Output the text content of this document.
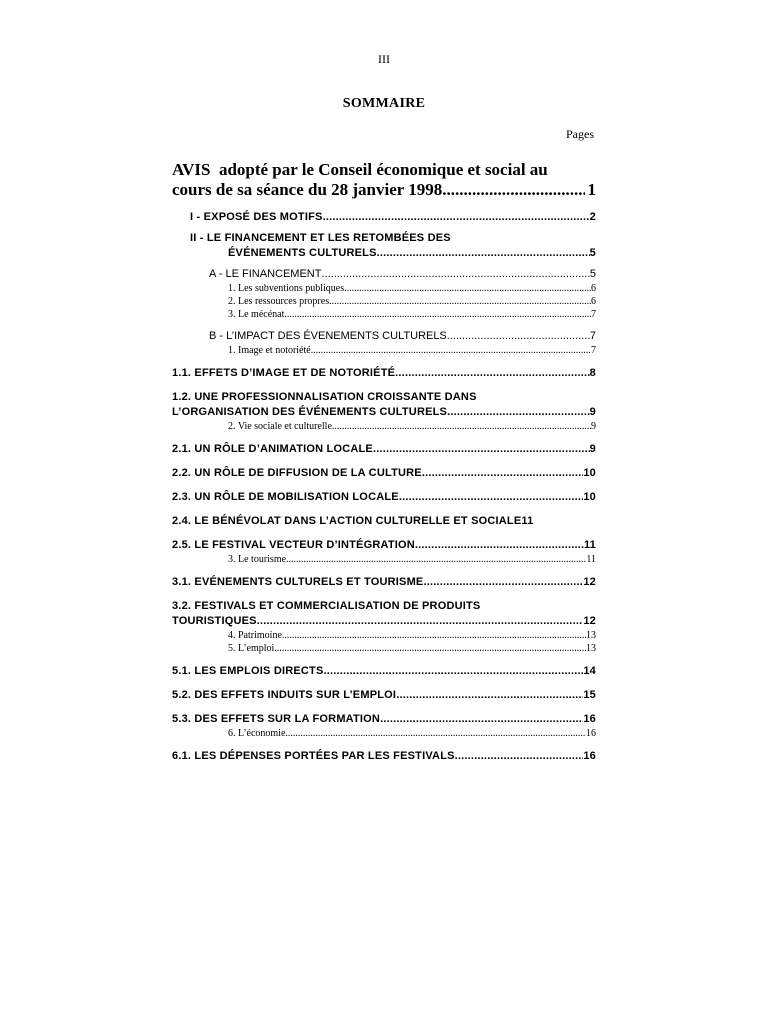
III
SOMMAIRE
Pages
AVIS adopté par le Conseil économique et social au
cours de sa séance du 28 janvier 1998 .....	1
I - EXPOSÉ DES MOTIFS .....	2
II - LE FINANCEMENT ET LES RETOMBÉES DES
ÉVÉNEMENTS CULTURELS .....	5
A - LE FINANCEMENT .....	5
1. Les subventions publiques .....	6
2. Les ressources propres .....	6
3. Le mécénat .....	7
B - L’IMPACT DES ÉVENEMENTS CULTURELS .....	7
1. Image et notoriété .....	7
1.1. EFFETS D’IMAGE ET DE NOTORIÉTÉ .....	8
1.2. UNE PROFESSIONNALISATION CROISSANTE DANS
L’ORGANISATION DES ÉVÉNEMENTS CULTURELS .....	9
2. Vie sociale et culturelle .....	9
2.1. UN RÔLE D’ANIMATION LOCALE .....	9
2.2. UN RÔLE DE DIFFUSION DE LA CULTURE .....	10
2.3. UN RÔLE DE MOBILISATION LOCALE .....	10
2.4. LE BÉNÉVOLAT DANS L’ACTION CULTURELLE ET SOCIALE 11
2.5. LE FESTIVAL VECTEUR D’INTÉGRATION .....	11
3. Le tourisme .....	11
3.1. EVÉNEMENTS CULTURELS ET TOURISME .....	12
3.2. FESTIVALS ET COMMERCIALISATION DE PRODUITS
TOURISTIQUES .....	12
4. Patrimoine .....	13
5. L’emploi .....	13
5.1. LES EMPLOIS DIRECTS .....	14
5.2. DES EFFETS INDUITS SUR L’EMPLOI .....	15
5.3. DES EFFETS SUR LA FORMATION .....	16
6. L’économie .....	16
6.1. LES DÉPENSES PORTÉES PAR LES FESTIVALS .....	16
